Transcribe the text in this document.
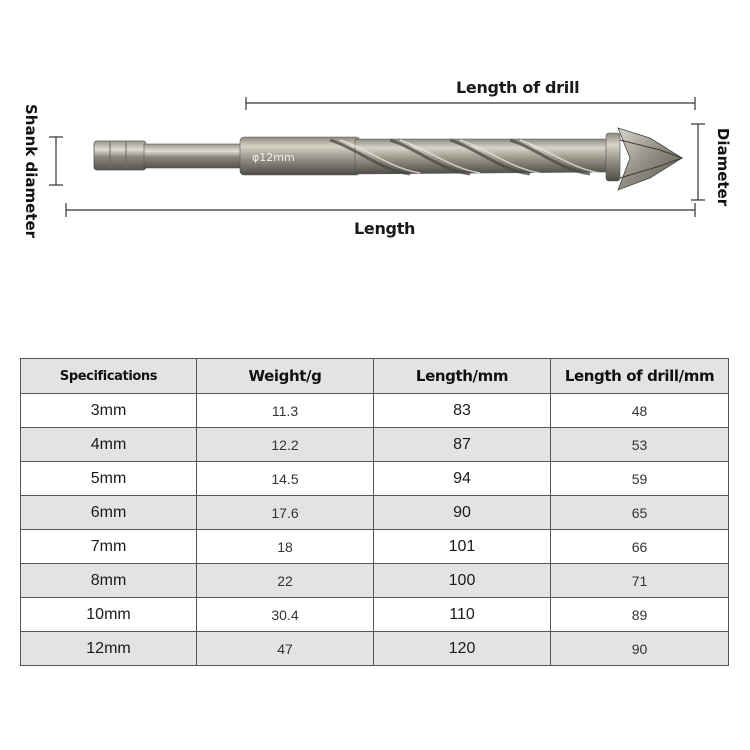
φ12mm
Length of drill
Length
Shank diameter	Diameter
Specifications	Weight/g	Length/mm	Length of drill/mm
3mm	11.3	83	48
4mm	12.2	87	53
5mm	14.5	94	59
6mm	17.6	90	65
7mm	18	101	66
8mm	22	100	71
10mm	30.4	110	89
12mm	47	120	90
